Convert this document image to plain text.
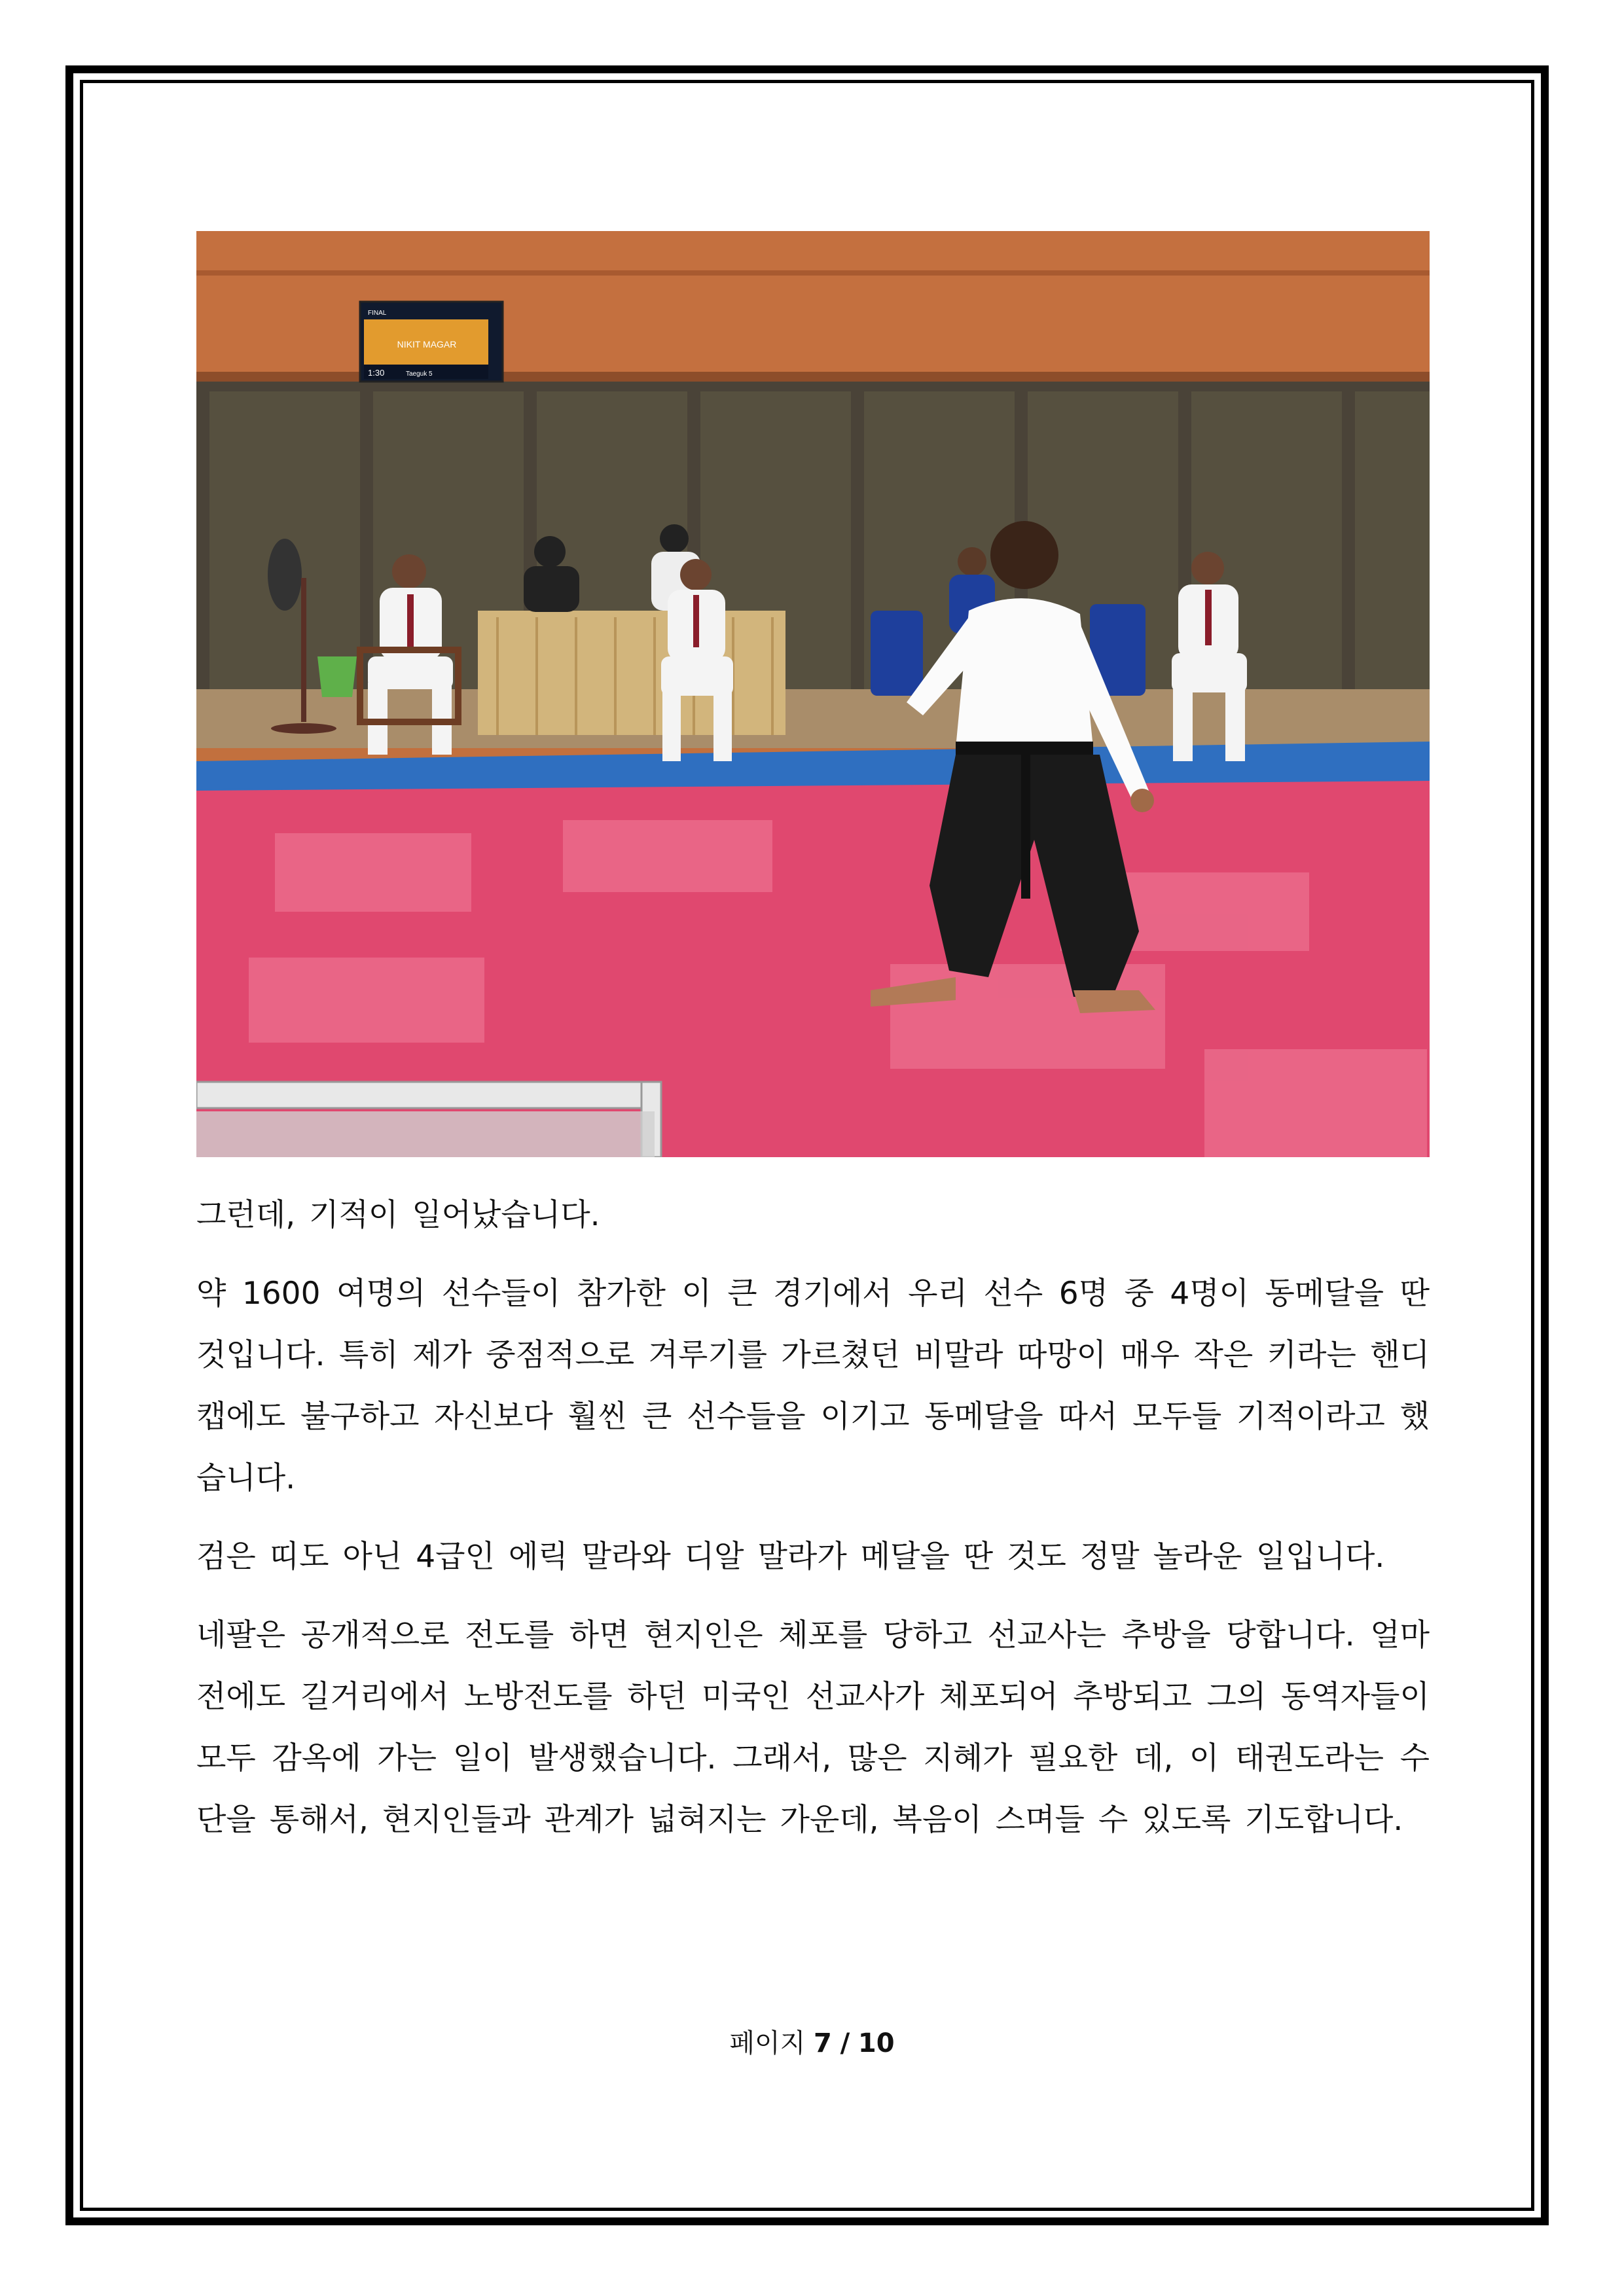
FINAL
NIKIT MAGAR
1:30	Taeguk 5

그런데, 기적이 일어났습니다.

약 1600 여명의 선수들이 참가한 이 큰 경기에서 우리 선수 6명 중 4명이 동메달을 딴 것입니다. 특히 제가 중점적으로 겨루기를 가르쳤던 비말라 따망이 매우 작은 키라는 핸디캡에도 불구하고 자신보다 훨씬 큰 선수들을 이기고 동메달을 따서 모두들 기적이라고 했습니다.

검은 띠도 아닌 4급인 에릭 말라와 디알 말라가 메달을 딴 것도 정말 놀라운 일입니다.

네팔은 공개적으로 전도를 하면 현지인은 체포를 당하고 선교사는 추방을 당합니다. 얼마전에도 길거리에서 노방전도를 하던 미국인 선교사가 체포되어 추방되고 그의 동역자들이 모두 감옥에 가는 일이 발생했습니다. 그래서, 많은 지혜가 필요한 데, 이 태권도라는 수단을 통해서, 현지인들과 관계가 넓혀지는 가운데, 복음이 스며들 수 있도록 기도합니다.

페이지 7 / 10
